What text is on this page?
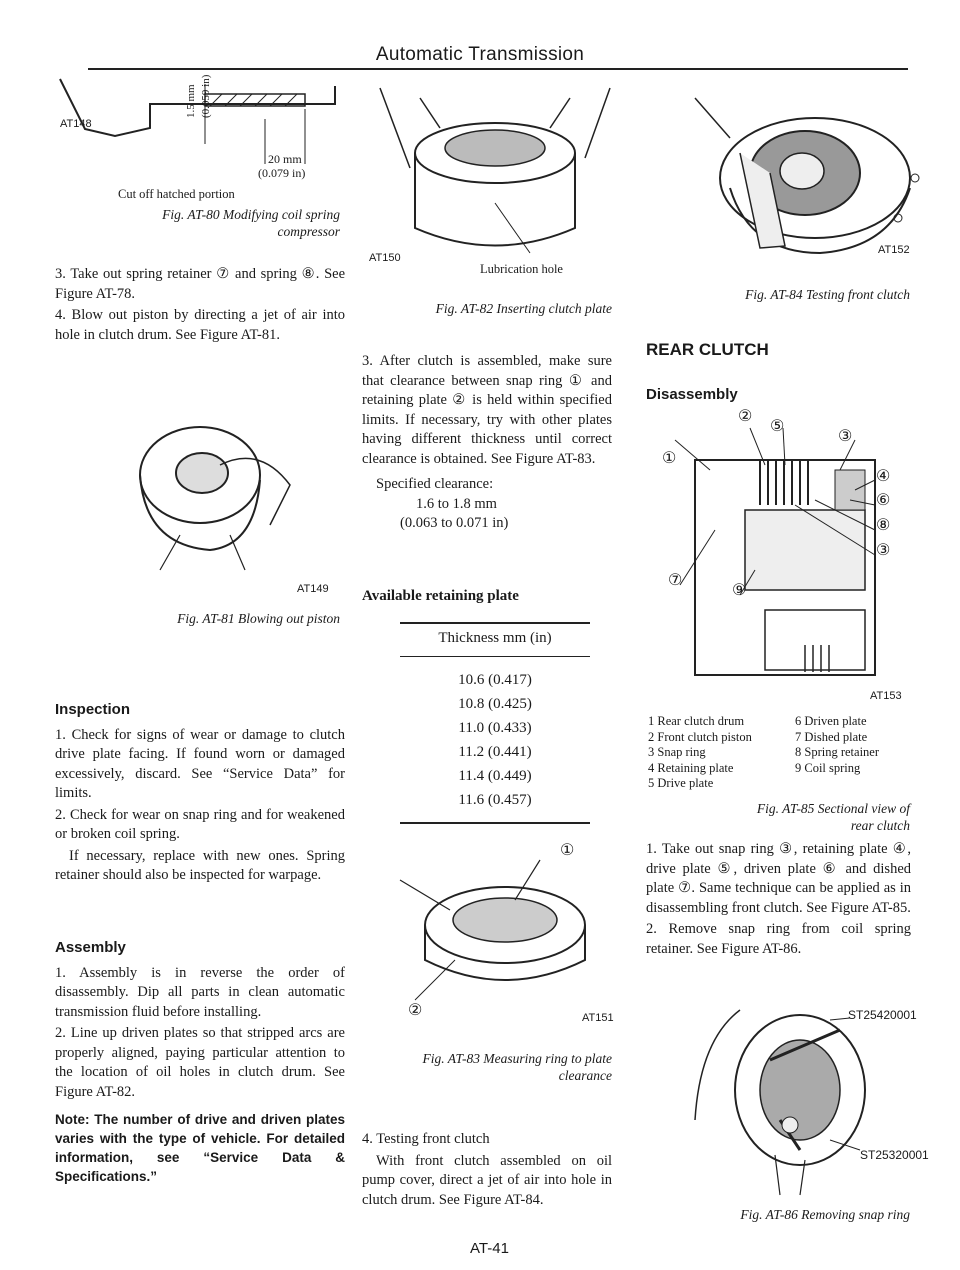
Automatic Transmission
AT148
1.5 mm (0.059 in)
20 mm
(0.079 in)
Cut off hatched portion
Fig. AT-80 Modifying coil spring
compressor

3. Take out spring retainer ⑦ and spring ⑧. See Figure AT-78.

4. Blow out piston by directing a jet of air into hole in clutch drum. See Figure AT-81.

AT149
Fig. AT-81 Blowing out piston
Inspection

1. Check for signs of wear or damage to clutch drive plate facing. If found worn or damaged excessively, discard. See “Service Data” for limits.

2. Check for wear on snap ring and for weakened or broken coil spring.

If necessary, replace with new ones. Spring retainer should also be inspected for warpage.

Assembly

1. Assembly is in reverse the order of disassembly. Dip all parts in clean automatic transmission fluid before installing.

2. Line up driven plates so that stripped arcs are properly aligned, paying particular attention to the location of oil holes in clutch drum. See Figure AT-82.

Note: The number of drive and driven plates varies with the type of vehicle. For detailed information, see “Service Data & Specifications.”

AT150
Lubrication hole
Fig. AT-82 Inserting clutch plate

3. After clutch is assembled, make sure that clearance between snap ring ① and retaining plate ② is held within specified limits. If necessary, try with other plates having different thickness until correct clearance is obtained. See Figure AT-83.

Specified clearance:
1.6 to 1.8 mm
(0.063 to 0.071 in)
Available retaining plate
Thickness mm (in)
10.6 (0.417)
10.8 (0.425)
11.0 (0.433)
11.2 (0.441)
11.4 (0.449)
11.6 (0.457)
①
②	AT151
Fig. AT-83 Measuring ring to plate
clearance

4. Testing front clutch

With front clutch assembled on oil pump cover, direct a jet of air into hole in clutch drum. See Figure AT-84.

AT152
Fig. AT-84 Testing front clutch
REAR CLUTCH
Disassembly
②
⑤
③
①
④
⑥
⑧
⑦
⑨
③
AT153
1 Rear clutch drum
2 Front clutch piston
3 Snap ring
4 Retaining plate
5 Drive plate
6 Driven plate
7 Dished plate
8 Spring retainer
9 Coil spring
Fig. AT-85 Sectional view of
rear clutch

1. Take out snap ring ③, retaining plate ④, drive plate ⑤, driven plate ⑥ and dished plate ⑦. Same technique can be applied as in disassembling front clutch. See Figure AT-85.

2. Remove snap ring from coil spring retainer. See Figure AT-86.

ST25420001
ST25320001
Fig. AT-86 Removing snap ring
AT-41
